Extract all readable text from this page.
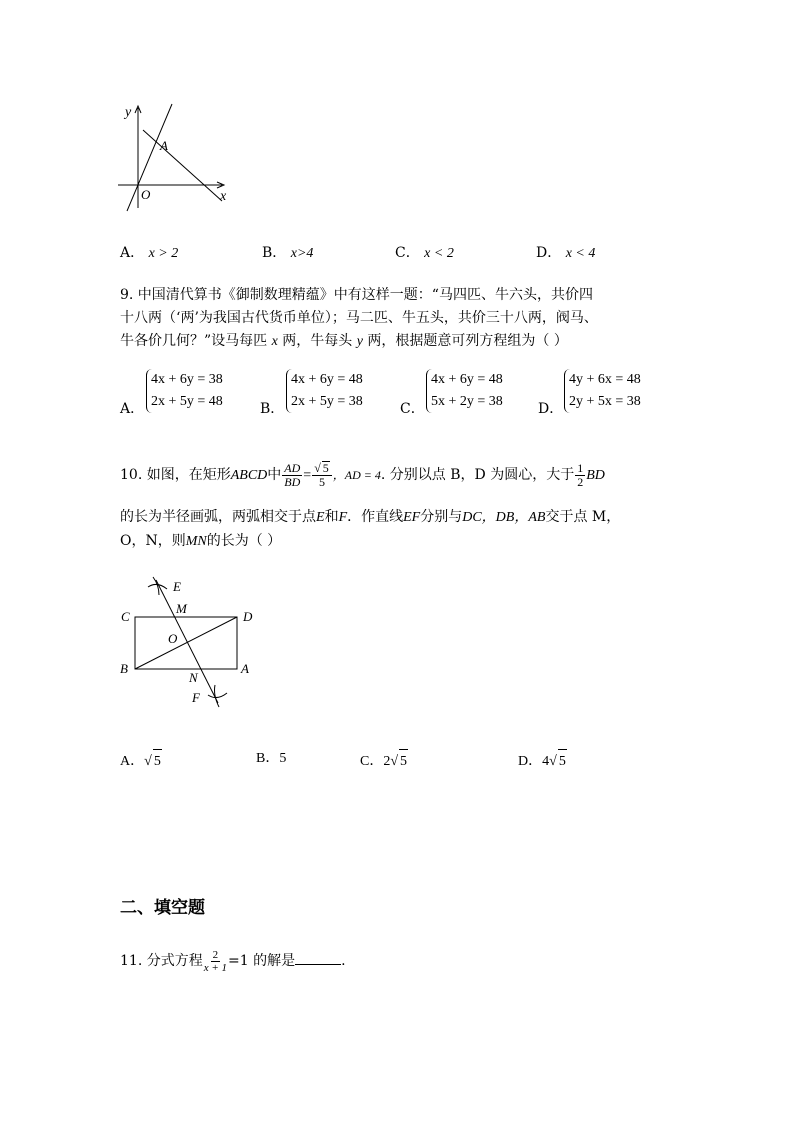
y
A
O	x
A． x > 2	B． x>4	C． x < 2	D． x < 4
9. 中国清代算书《御制数理精蕴》中有这样一题：“马四匹、牛六头，共价四
十八两（‘两’为我国古代货币单位）；马二匹、牛五头，共价三十八两，阀马、
牛各价几何？”设马每匹 x 两，牛每头 y 两，根据题意可列方程组为（ ）
A．
4x + 6y = 38
2x + 5y = 48	B．
4x + 6y = 48
2x + 5y = 38	C．
4x + 6y = 48
5x + 2y = 38	D．
4y + 6x = 48
2y + 5x = 38
10. 如图，在矩形ABCD中 $\frac{AD}{BD} = \frac{√ 5}{5}$ ，AD = 4. 分别以点 B，D 为圆心，大于 $\frac{1}{2}$ BD
的长为半径画弧，两弧相交于点E和F．作直线EF分别与DC，DB，AB交于点 M，
O，N，则MN的长为（ ）
E
M
D
C
O
B	A
N
F
A．√ 5	B．5	C．2√ 5	D．4√ 5
二、填空题
11. 分式方程 $\frac{2}{x + 1} =1$ 的解是	.
